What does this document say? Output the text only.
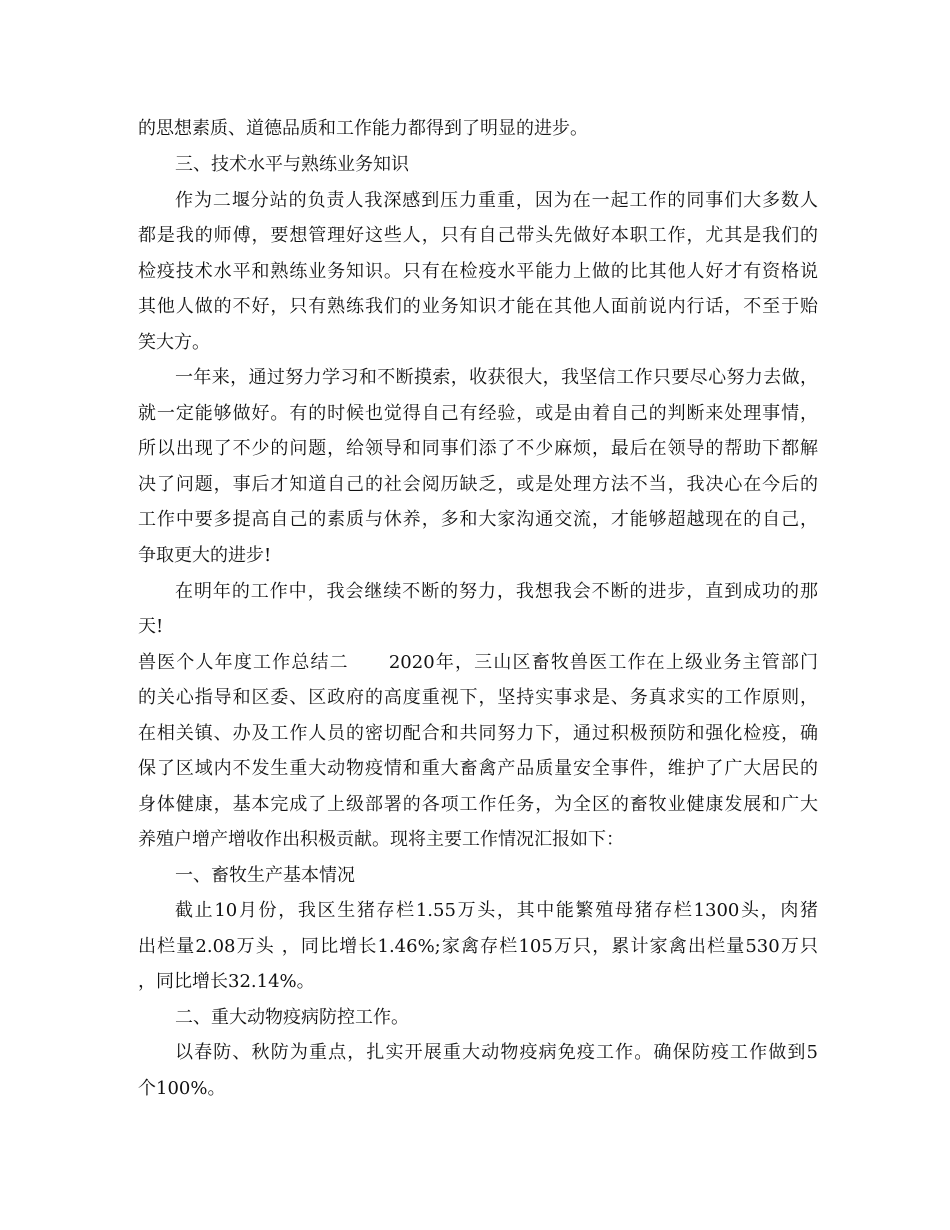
的思想素质、道德品质和工作能力都得到了明显的进步。
三、技术水平与熟练业务知识
作为二堰分站的负责人我深感到压力重重，因为在一起工作的同事们大多数人
都是我的师傅，要想管理好这些人，只有自己带头先做好本职工作，尤其是我们的
检疫技术水平和熟练业务知识。只有在检疫水平能力上做的比其他人好才有资格说
其他人做的不好，只有熟练我们的业务知识才能在其他人面前说内行话，不至于贻
笑大方。
一年来，通过努力学习和不断摸索，收获很大，我坚信工作只要尽心努力去做，
就一定能够做好。有的时候也觉得自己有经验，或是由着自己的判断来处理事情，
所以出现了不少的问题，给领导和同事们添了不少麻烦，最后在领导的帮助下都解
决了问题，事后才知道自己的社会阅历缺乏，或是处理方法不当，我决心在今后的
工作中要多提高自己的素质与休养，多和大家沟通交流，才能够超越现在的自己，
争取更大的进步!
在明年的工作中，我会继续不断的努力，我想我会不断的进步，直到成功的那
天!
兽医个人年度工作总结二 2020年，三山区畜牧兽医工作在上级业务主管部门
的关心指导和区委、区政府的高度重视下，坚持实事求是、务真求实的工作原则，
在相关镇、办及工作人员的密切配合和共同努力下，通过积极预防和强化检疫，确
保了区域内不发生重大动物疫情和重大畜禽产品质量安全事件，维护了广大居民的
身体健康，基本完成了上级部署的各项工作任务，为全区的畜牧业健康发展和广大
养殖户增产增收作出积极贡献。现将主要工作情况汇报如下：
一、畜牧生产基本情况
截止10月份，我区生猪存栏1.55万头，其中能繁殖母猪存栏1300头，肉猪
出栏量2.08万头 ，同比增长1.46%;家禽存栏105万只，累计家禽出栏量530万只
，同比增长32.14%。
二、重大动物疫病防控工作。
以春防、秋防为重点，扎实开展重大动物疫病免疫工作。确保防疫工作做到5
个100%。
